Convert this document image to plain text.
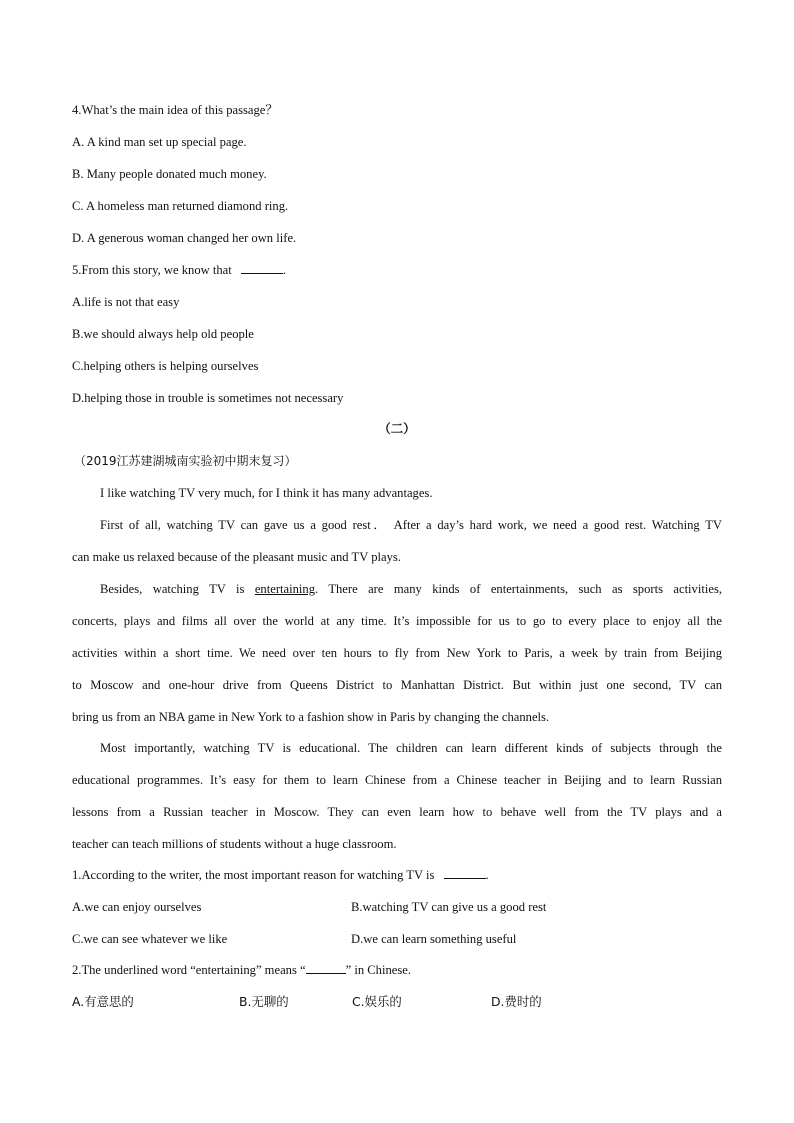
4.What’s the main idea of this passage？
A. A kind man set up special page.
B. Many people donated much money.
C. A homeless man returned diamond ring.
D. A generous woman changed her own life.
5.From this story, we know that	.
A.life is not that easy
B.we should always help old people
C.helping others is helping ourselves
D.helping those in trouble is sometimes not necessary
（二）
（2019江苏建湖城南实验初中期末复习）
I like watching TV very much, for I think it has many advantages.
First of all, watching TV can gave us a good rest． After a day’s hard work, we need a good rest. Watching TV
can make us relaxed because of the pleasant music and TV plays.
Besides, watching TV is entertaining. There are many kinds of entertainments, such as sports activities,
concerts, plays and films all over the world at any time. It’s impossible for us to go to every place to enjoy all the
activities within a short time. We need over ten hours to fly from New York to Paris, a week by train from Beijing
to Moscow and one-hour drive from Queens District to Manhattan District. But within just one second, TV can
bring us from an NBA game in New York to a fashion show in Paris by changing the channels.
Most importantly, watching TV is educational. The children can learn different kinds of subjects through the
educational programmes. It’s easy for them to learn Chinese from a Chinese teacher in Beijing and to learn Russian
lessons from a Russian teacher in Moscow. They can even learn how to behave well from the TV plays and a
teacher can teach millions of students without a huge classroom.
1.According to the writer, the most important reason for watching TV is	.
A.we can enjoy ourselves	B.watching TV can give us a good rest
C.we can see whatever we like	D.we can learn something useful
2.The underlined word “entertaining” means “	” in Chinese.
A.有意思的	B.无聊的	C.娱乐的	D.费时的
